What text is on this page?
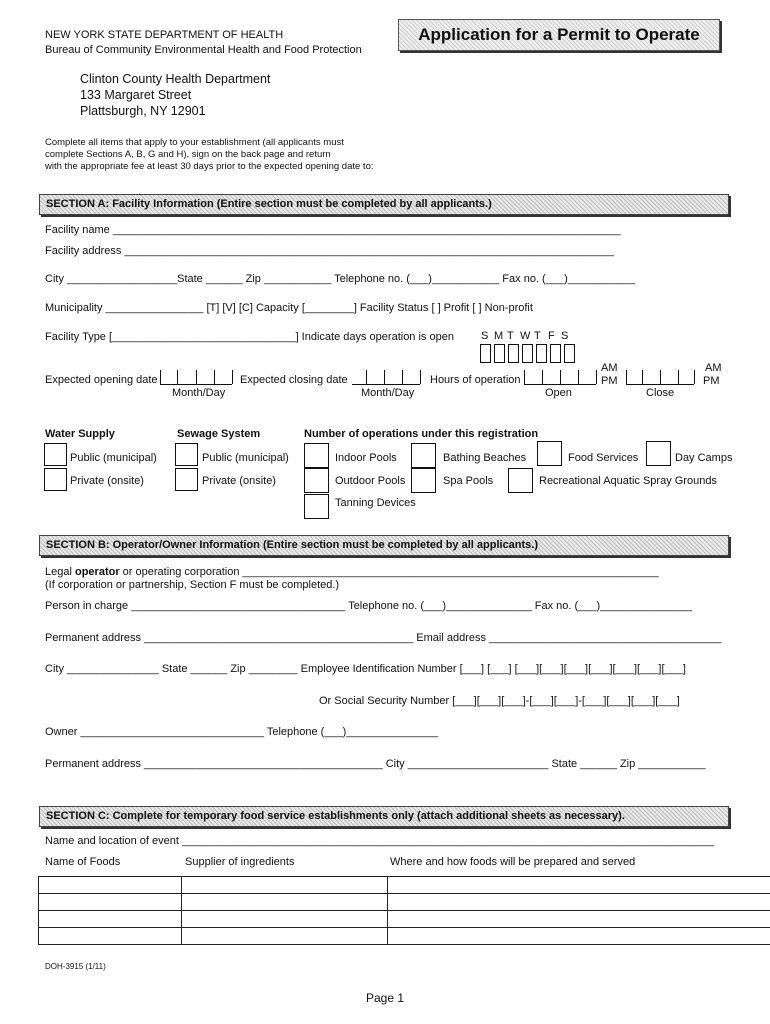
NEW YORK STATE DEPARTMENT OF HEALTH
Bureau of Community Environmental Health and Food Protection
Application for a Permit to Operate
Clinton County Health Department
133 Margaret Street
Plattsburgh, NY 12901
Complete all items that apply to your establishment (all applicants must
complete Sections A, B, G and H), sign on the back page and return
with the appropriate fee at least 30 days prior to the expected opening date to:
SECTION A: Facility Information (Entire section must be completed by all applicants.)
Facility name ___________________________________________________________________________________
Facility address ________________________________________________________________________________
City __________________State ______ Zip ___________ Telephone no. (___)___________ Fax no. (___)___________
Municipality ________________ [T] [V] [C] Capacity [________] Facility Status [ ] Profit [ ] Non-profit
Facility Type [______________________________] Indicate days operation is open S M T W T F S
Expected opening date
Month/Day
Expected closing date
Month/Day
Hours of operation
AM
PM
Open
AM
PM
Close
Water Supply	Sewage System	Number of operations under this registration
Public (municipal)
Private (onsite)
Public (municipal)
Private (onsite)
Indoor Pools
Outdoor Pools
Tanning Devices
Bathing Beaches
Spa Pools
Food Services
Recreational Aquatic Spray Grounds
Day Camps
SECTION B: Operator/Owner Information (Entire section must be completed by all applicants.)
Legal operator or operating corporation ____________________________________________________________________
(If corporation or partnership, Section F must be completed.)
Person in charge ___________________________________ Telephone no. (___)______________ Fax no. (___)_______________
Permanent address ____________________________________________ Email address ______________________________________
City _______________ State ______ Zip ________ Employee Identification Number [___] [___] [___][___][___][___][___][___][___]
Or Social Security Number [___][___][___]-[___][___]-[___][___][___][___]
Owner ______________________________ Telephone (___)_______________
Permanent address _______________________________________ City _______________________ State ______ Zip ___________
SECTION C: Complete for temporary food service establishments only (attach additional sheets as necessary).
Name and location of event _______________________________________________________________________________________
Name of Foods	Supplier of ingredients	Where and how foods will be prepared and served

DOH-3915 (1/11)
Page 1
